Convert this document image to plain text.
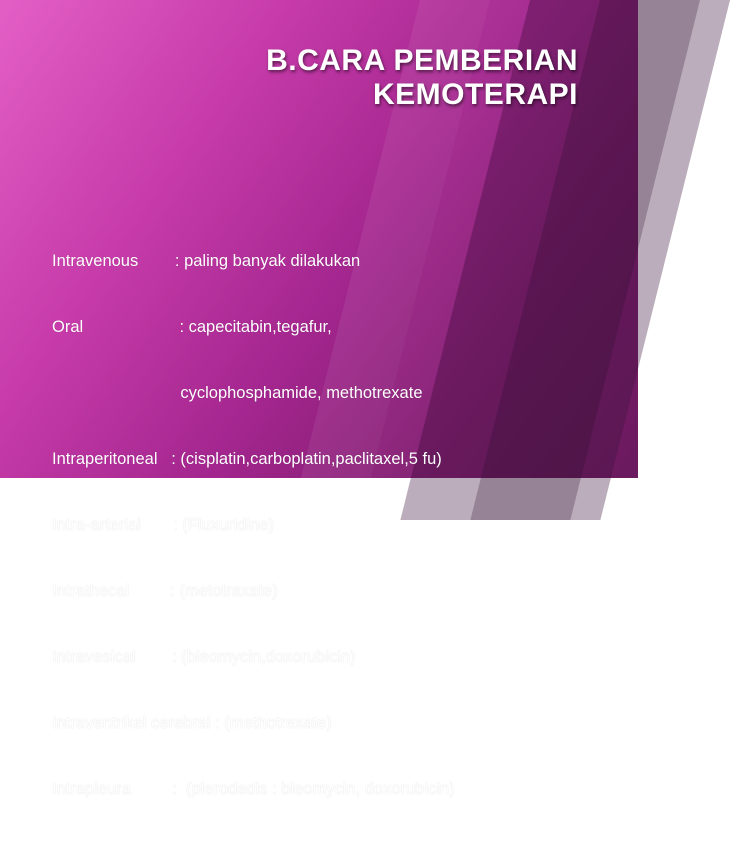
B.CARA PEMBERIAN
KEMOTERAPI

Intravenous        : paling banyak dilakukan

Oral                     : capecitabin,tegafur,

cyclophosphamide, methotrexate

Intraperitoneal   : (cisplatin,carboplatin,paclitaxel,5 fu)

Intra-arterial       : (Fluxuridine)

Intrathecal         : (metotraxate)

Intravesical        : (bleomycin,doxorubicin)

Intraventrikel cerebral : (methotrexate)

Intrapleura         :  (plerodedis : bleomycin, doxorubicin)
